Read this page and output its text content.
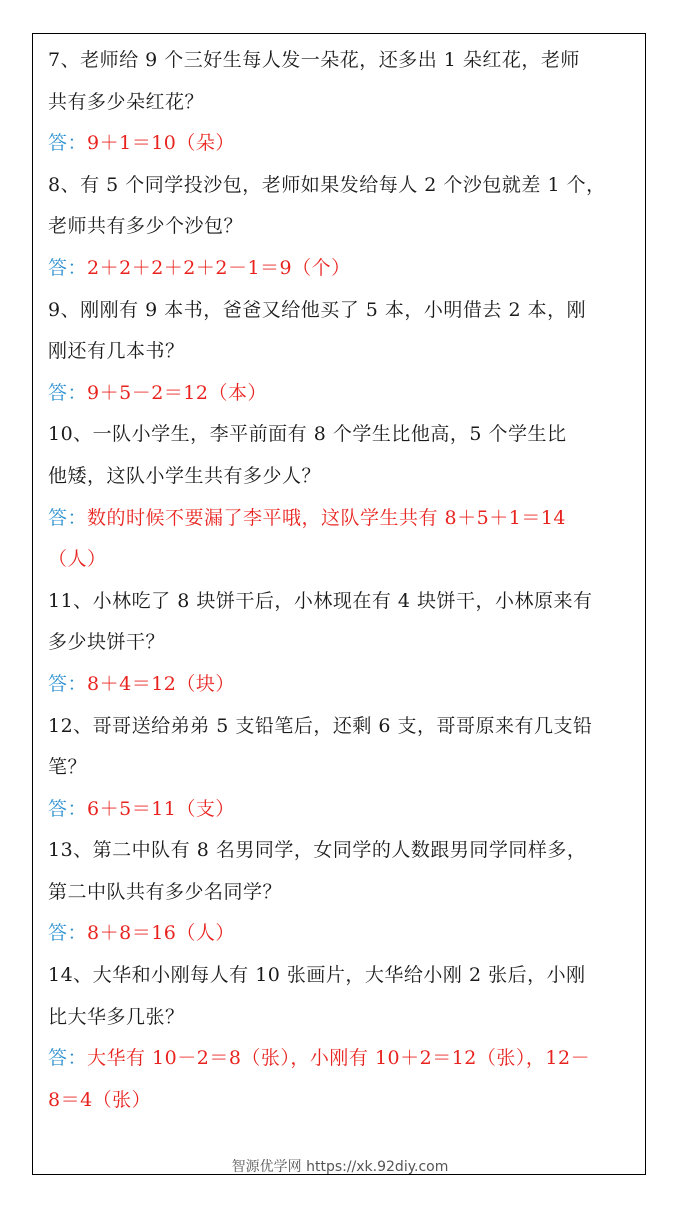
7、老师给 9 个三好生每人发一朵花，还多出 1 朵红花，老师
共有多少朵红花？
答：9＋1＝10（朵）
8、有 5 个同学投沙包，老师如果发给每人 2 个沙包就差 1 个，
老师共有多少个沙包？
答：2＋2＋2＋2＋2－1＝9（个）
9、刚刚有 9 本书，爸爸又给他买了 5 本，小明借去 2 本，刚
刚还有几本书？
答：9＋5－2＝12（本）
10、一队小学生，李平前面有 8 个学生比他高，5 个学生比
他矮，这队小学生共有多少人？
答：数的时候不要漏了李平哦，这队学生共有 8＋5＋1＝14
（人）
11、小林吃了 8 块饼干后，小林现在有 4 块饼干，小林原来有
多少块饼干？
答：8＋4＝12（块）
12、哥哥送给弟弟 5 支铅笔后，还剩 6 支，哥哥原来有几支铅
笔？
答：6＋5＝11（支）
13、第二中队有 8 名男同学，女同学的人数跟男同学同样多，
第二中队共有多少名同学？
答：8＋8＝16（人）
14、大华和小刚每人有 10 张画片，大华给小刚 2 张后，小刚
比大华多几张？
答：大华有 10－2＝8（张），小刚有 10＋2＝12（张），12－
8＝4（张）
智源优学网 https://xk.92diy.com
